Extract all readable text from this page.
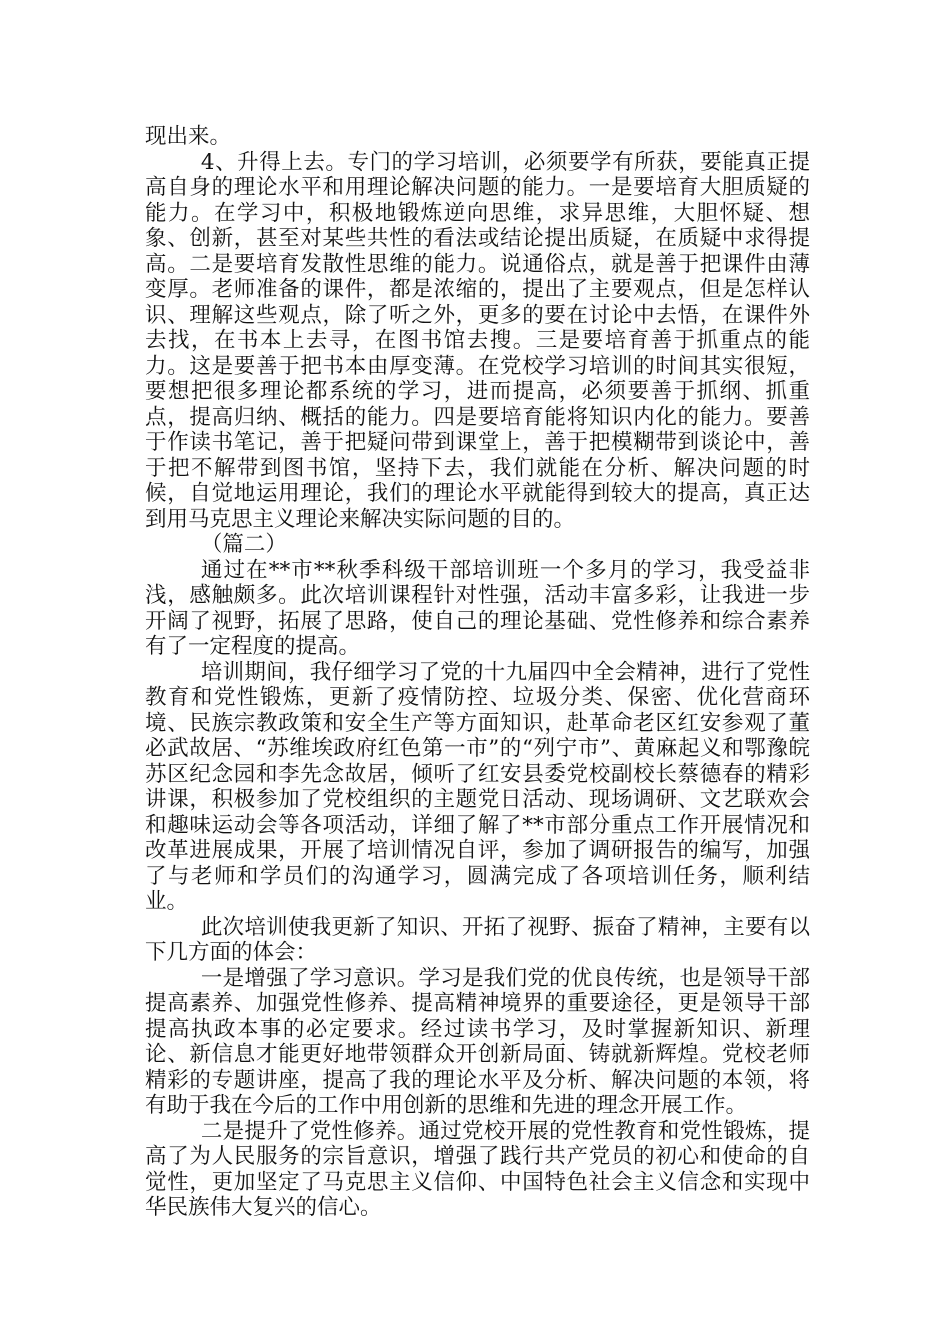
现出来。

4、升得上去。专门的学习培训，必须要学有所获，要能真正提高自身的理论水平和用理论解决问题的能力。一是要培育大胆质疑的能力。在学习中，积极地锻炼逆向思维，求异思维，大胆怀疑、想象、创新，甚至对某些共性的看法或结论提出质疑，在质疑中求得提高。二是要培育发散性思维的能力。说通俗点，就是善于把课件由薄变厚。老师准备的课件，都是浓缩的，提出了主要观点，但是怎样认识、理解这些观点，除了听之外，更多的要在讨论中去悟，在课件外去找，在书本上去寻，在图书馆去搜。三是要培育善于抓重点的能力。这是要善于把书本由厚变薄。在党校学习培训的时间其实很短，要想把很多理论都系统的学习，进而提高，必须要善于抓纲、抓重点，提高归纳、概括的能力。四是要培育能将知识内化的能力。要善于作读书笔记，善于把疑问带到课堂上，善于把模糊带到谈论中，善于把不解带到图书馆，坚持下去，我们就能在分析、解决问题的时候，自觉地运用理论，我们的理论水平就能得到较大的提高，真正达到用马克思主义理论来解决实际问题的目的。

（篇二）

通过在**市**秋季科级干部培训班一个多月的学习，我受益非浅，感触颇多。此次培训课程针对性强，活动丰富多彩，让我进一步开阔了视野，拓展了思路，使自己的理论基础、党性修养和综合素养有了一定程度的提高。

培训期间，我仔细学习了党的十九届四中全会精神，进行了党性教育和党性锻炼，更新了疫情防控、垃圾分类、保密、优化营商环境、民族宗教政策和安全生产等方面知识，赴革命老区红安参观了董必武故居、“苏维埃政府红色第一市”的“列宁市”、黄麻起义和鄂豫皖苏区纪念园和李先念故居，倾听了红安县委党校副校长蔡德春的精彩讲课，积极参加了党校组织的主题党日活动、现场调研、文艺联欢会和趣味运动会等各项活动，详细了解了**市部分重点工作开展情况和改革进展成果，开展了培训情况自评，参加了调研报告的编写，加强了与老师和学员们的沟通学习，圆满完成了各项培训任务，顺利结业。

此次培训使我更新了知识、开拓了视野、振奋了精神，主要有以下几方面的体会：

一是增强了学习意识。学习是我们党的优良传统，也是领导干部提高素养、加强党性修养、提高精神境界的重要途径，更是领导干部提高执政本事的必定要求。经过读书学习，及时掌握新知识、新理论、新信息才能更好地带领群众开创新局面、铸就新辉煌。党校老师精彩的专题讲座，提高了我的理论水平及分析、解决问题的本领，将有助于我在今后的工作中用创新的思维和先进的理念开展工作。

二是提升了党性修养。通过党校开展的党性教育和党性锻炼，提高了为人民服务的宗旨意识，增强了践行共产党员的初心和使命的自觉性，更加坚定了马克思主义信仰、中国特色社会主义信念和实现中华民族伟大复兴的信心。
